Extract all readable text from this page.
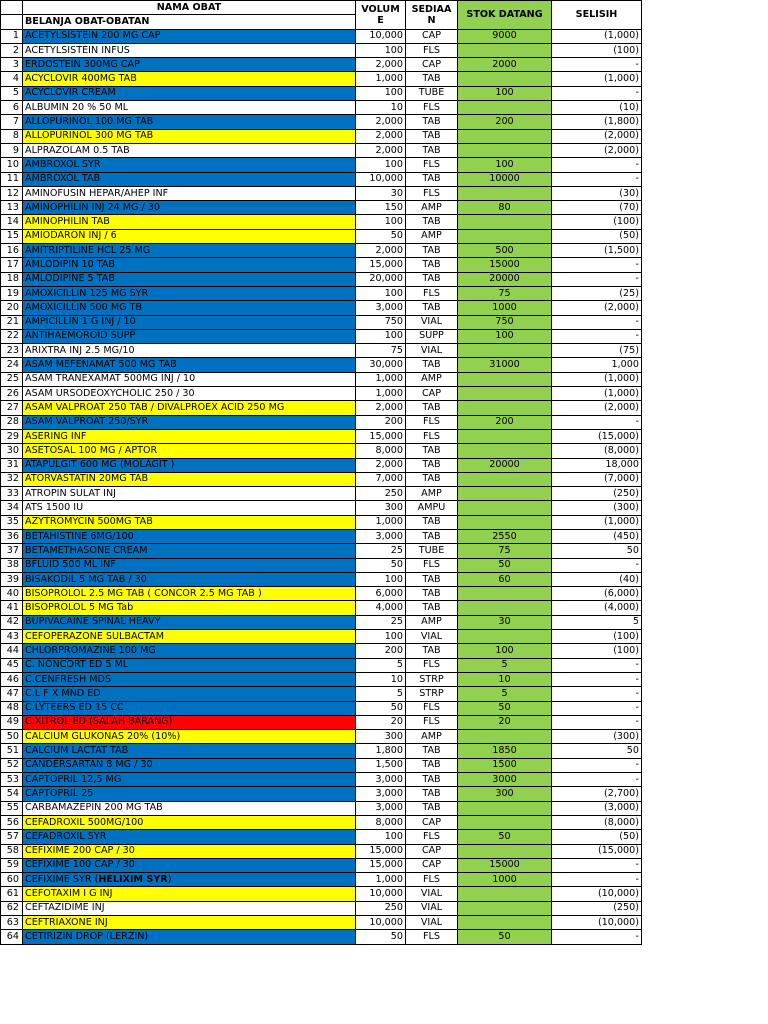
	NAMA OBAT	VOLUM E	SEDIAA N	STOK DATANG	SELISIH
	BELANJA OBAT-OBATAN				
1	ACETYLSISTEIN 200 MG CAP	10,000	CAP	9000	(1,000)
2	ACETYLSISTEIN INFUS	100	FLS		(100)
3	ERDOSTEIN 300MG CAP	2,000	CAP	2000	-
4	ACYCLOVIR 400MG TAB	1,000	TAB		(1,000)
5	ACYCLOVIR CREAM	100	TUBE	100	-
6	ALBUMIN 20 % 50 ML	10	FLS		(10)
7	ALLOPURINOL 100 MG TAB	2,000	TAB	200	(1,800)
8	ALLOPURINOL 300 MG TAB	2,000	TAB		(2,000)
9	ALPRAZOLAM 0.5 TAB	2,000	TAB		(2,000)
10	AMBROXOL SYR	100	FLS	100	-
11	AMBROXOL TAB	10,000	TAB	10000	-
12	AMINOFUSIN HEPAR/AHEP INF	30	FLS		(30)
13	AMINOPHILIN INJ 24 MG / 30	150	AMP	80	(70)
14	AMINOPHILIN TAB	100	TAB		(100)
15	AMIODARON INJ / 6	50	AMP		(50)
16	AMITRIPTILINE HCL 25 MG	2,000	TAB	500	(1,500)
17	AMLODIPIN 10 TAB	15,000	TAB	15000	-
18	AMLODIPINE 5 TAB	20,000	TAB	20000	-
19	AMOXICILLIN 125 MG SYR	100	FLS	75	(25)
20	AMOXICILLIN 500 MG TB	3,000	TAB	1000	(2,000)
21	AMPICILLIN 1 G INJ / 10	750	VIAL	750	-
22	ANTIHAEMOROID SUPP	100	SUPP	100	-
23	ARIXTRA INJ 2.5 MG/10	75	VIAL		(75)
24	ASAM MEFENAMAT 500 MG TAB	30,000	TAB	31000	1,000
25	ASAM TRANEXAMAT 500MG INJ / 10	1,000	AMP		(1,000)
26	ASAM URSODEOXYCHOLIC 250 / 30	1,000	CAP		(1,000)
27	ASAM VALPROAT 250 TAB / DIVALPROEX ACID 250 MG	2,000	TAB		(2,000)
28	ASAM VALPROAT 250/SYR	200	FLS	200	-
29	ASERING INF	15,000	FLS		(15,000)
30	ASETOSAL 100 MG / APTOR	8,000	TAB		(8,000)
31	ATAPULGIT 600 MG (MOLAGIT )	2,000	TAB	20000	18,000
32	ATORVASTATIN 20MG TAB	7,000	TAB		(7,000)
33	ATROPIN SULAT INJ	250	AMP		(250)
34	ATS 1500 IU	300	AMPU		(300)
35	AZYTROMYCIN 500MG TAB	1,000	TAB		(1,000)
36	BETAHISTINE 6MG/100	3,000	TAB	2550	(450)
37	BETAMETHASONE CREAM	25	TUBE	75	50
38	BFLUID 500 ML INF	50	FLS	50	-
39	BISAKODIL 5 MG TAB / 30	100	TAB	60	(40)
40	BISOPROLOL 2.5 MG TAB ( CONCOR 2.5 MG TAB )	6,000	TAB		(6,000)
41	BISOPROLOL 5 MG Tab	4,000	TAB		(4,000)
42	BUPIVACAINE SPINAL HEAVY	25	AMP	30	5
43	CEFOPERAZONE SULBACTAM	100	VIAL		(100)
44	CHLORPROMAZINE 100 MG	200	TAB	100	(100)
45	C. NONCORT ED 5 ML	5	FLS	5	-
46	C.CENFRESH MDS	10	STRP	10	-
47	C.L F X MND ED	5	STRP	5	-
48	C.LYTEERS ED 15 CC	50	FLS	50	-
49	C.XITROL ED (SALAH BARANG)	20	FLS	20	-
50	CALCIUM GLUKONAS 20% (10%)	300	AMP		(300)
51	CALCIUM LACTAT TAB	1,800	TAB	1850	50
52	CANDERSARTAN 8 MG / 30	1,500	TAB	1500	-
53	CAPTOPRIL 12,5 MG	3,000	TAB	3000	-
54	CAPTOPRIL 25	3,000	TAB	300	(2,700)
55	CARBAMAZEPIN 200 MG TAB	3,000	TAB		(3,000)
56	CEFADROXIL 500MG/100	8,000	CAP		(8,000)
57	CEFADROXIL SYR	100	FLS	50	(50)
58	CEFIXIME 200 CAP / 30	15,000	CAP		(15,000)
59	CEFIXIME 100 CAP / 30	15,000	CAP	15000	-
60	CEFIXIME SYR (HELIXIM SYR)	1,000	FLS	1000	-
61	CEFOTAXIM I G INJ	10,000	VIAL		(10,000)
62	CEFTAZIDIME INJ	250	VIAL		(250)
63	CEFTRIAXONE INJ	10,000	VIAL		(10,000)
64	CETIRIZIN DROP (LERZIN)	50	FLS	50	-
